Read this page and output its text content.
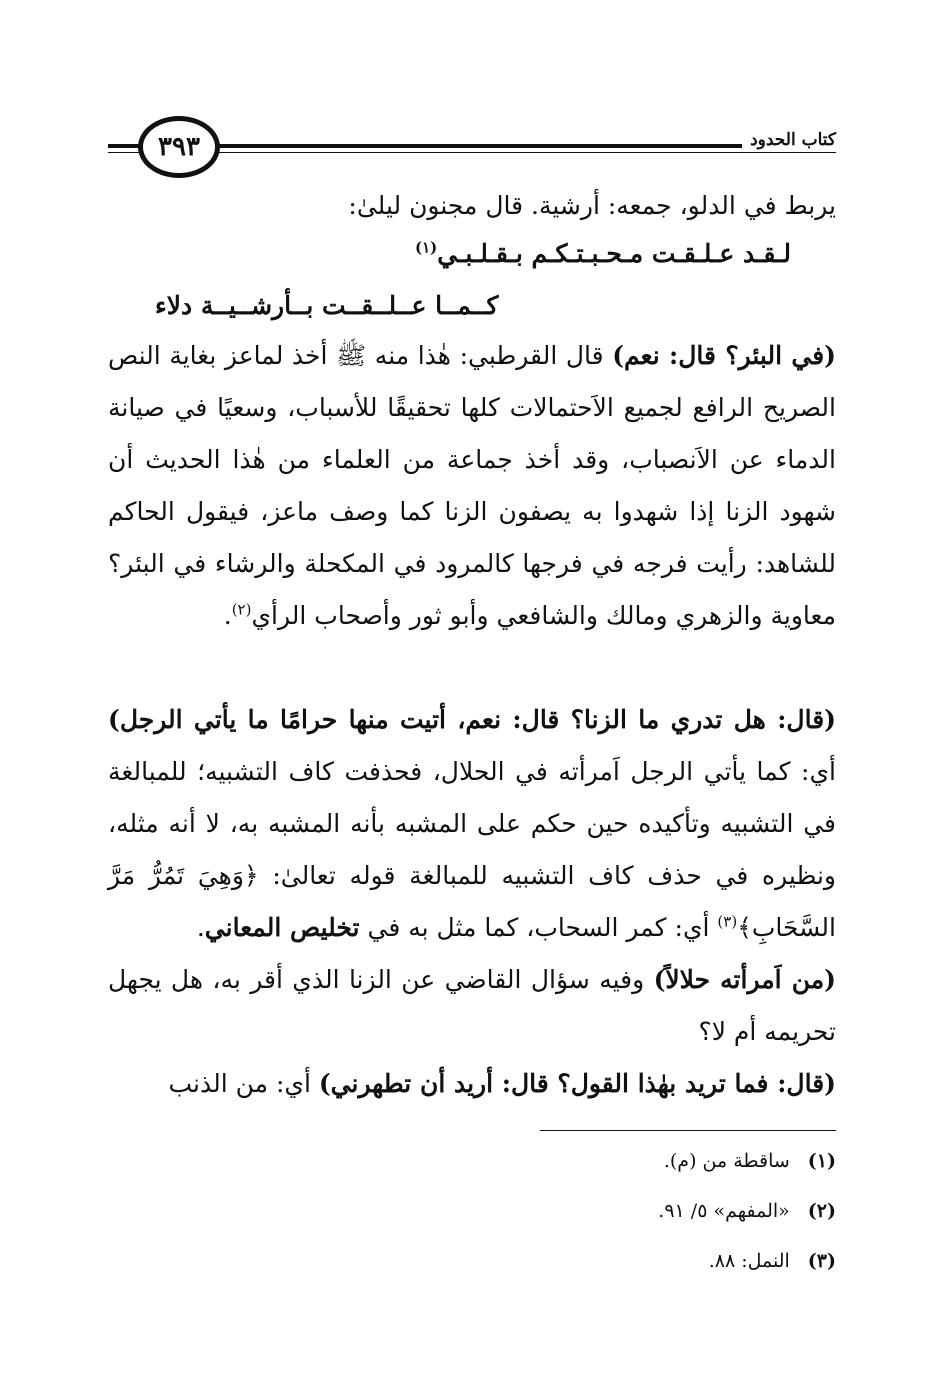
٣٩٣	كتاب الحدود
يربط في الدلو، جمعه: أرشية. قال مجنون ليلىٰ:
لـقـد عـلـقـت مـحـبـتـكـم بـقـلـبـي$^{(١)}$
كــمــا عــلــقــت بــأرشــيــة دلاء
(في البئر؟ قال: نعم) قال القرطبي: هٰذا منه ﷺ أخذ لماعز بغاية النص الصريح الرافع لجميع الاَحتمالات كلها تحقيقًا للأسباب، وسعيًا في صيانة الدماء عن الاَنصباب، وقد أخذ جماعة من العلماء من هٰذا الحديث أن شهود الزنا إذا شهدوا به يصفون الزنا كما وصف ماعز، فيقول الحاكم للشاهد: رأيت فرجه في فرجها كالمرود في المكحلة والرشاء في البئر؟ معاوية والزهري ومالك والشافعي وأبو ثور وأصحاب الرأي$^{(٢)}$.
(قال: هل تدري ما الزنا؟ قال: نعم، أتيت منها حرامًا ما يأتي الرجل) أي: كما يأتي الرجل اَمرأته في الحلال، فحذفت كاف التشبيه؛ للمبالغة في التشبيه وتأكيده حين حكم على المشبه بأنه المشبه به، لا أنه مثله، ونظيره في حذف كاف التشبيه للمبالغة قوله تعالىٰ: ﴿وَهِيَ تَمُرُّ مَرَّ السَّحَابِ﴾$^{(٣)}$ أي: كمر السحاب، كما مثل به في تخليص المعاني.
(من اَمرأته حلالاً) وفيه سؤال القاضي عن الزنا الذي أقر به، هل يجهل تحريمه أم لا؟
(قال: فما تريد بهٰذا القول؟ قال: أريد أن تطهرني) أي: من الذنب
(١)ساقطة من (م).
(٢)«المفهم» ٥/ ٩١.
(٣)النمل: ٨٨.
